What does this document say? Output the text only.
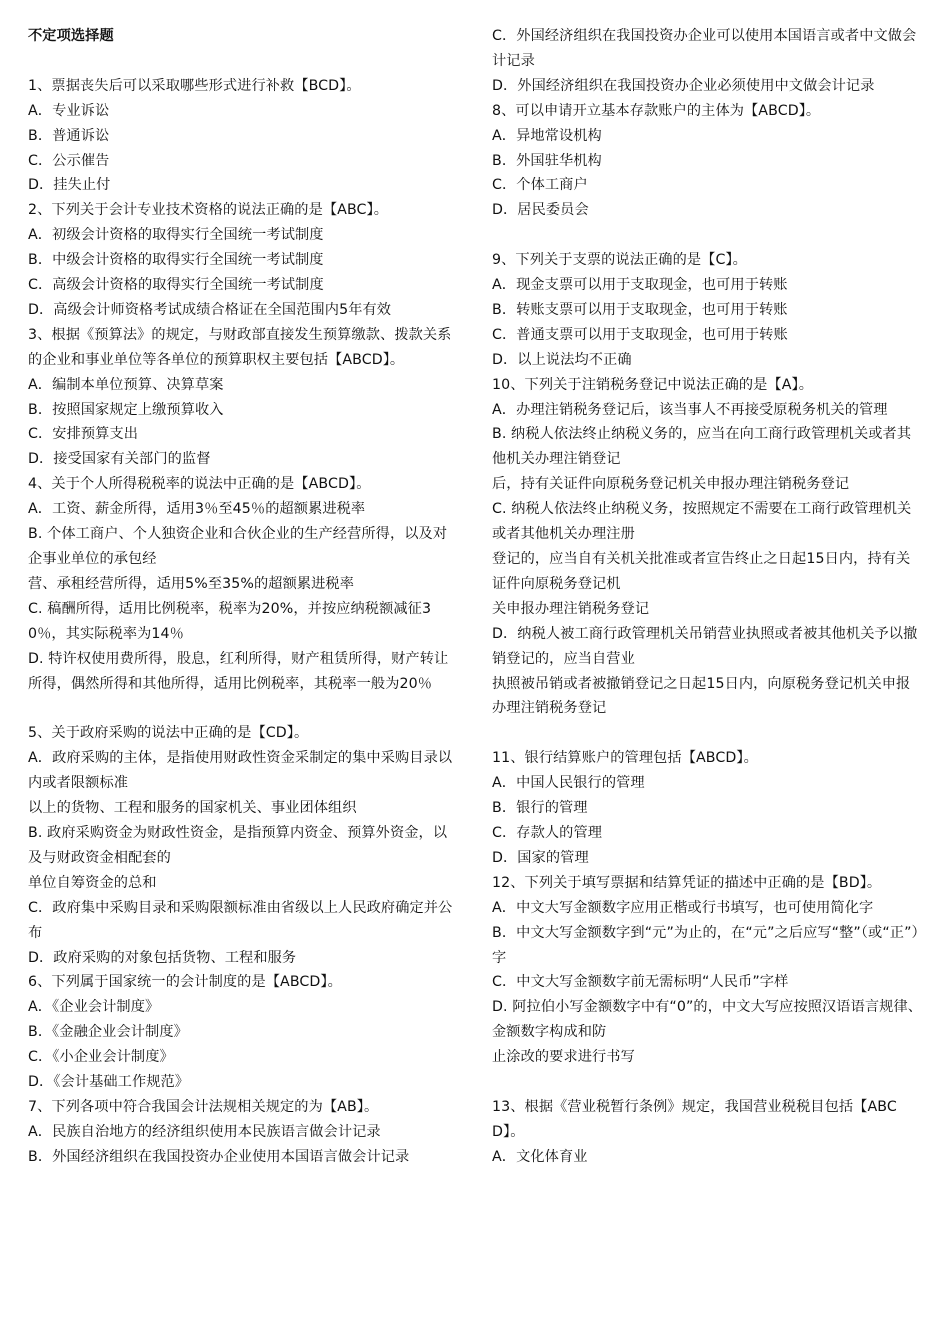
不定项选择题
1、票据丧失后可以采取哪些形式进行补救【BCD】。
A．专业诉讼
B．普通诉讼
C．公示催告
D．挂失止付
2、下列关于会计专业技术资格的说法正确的是【ABC】。
A．初级会计资格的取得实行全国统一考试制度
B．中级会计资格的取得实行全国统一考试制度
C．高级会计资格的取得实行全国统一考试制度
D．高级会计师资格考试成绩合格证在全国范围内5年有效
3、根据《预算法》的规定，与财政部直接发生预算缴款、拨款关系的企业和事业单位等各单位的预算职权主要包括【ABCD】。
A．编制本单位预算、决算草案
B．按照国家规定上缴预算收入
C．安排预算支出
D．接受国家有关部门的监督
4、关于个人所得税税率的说法中正确的是【ABCD】。
A．工资、薪金所得，适用3％至45％的超额累进税率
B. 个体工商户、个人独资企业和合伙企业的生产经营所得，以及对企事业单位的承包经
营、承租经营所得，适用5%至35%的超额累进税率
C. 稿酬所得，适用比例税率，税率为20%，并按应纳税额减征30％，其实际税率为14％
D. 特许权使用费所得，股息，红利所得，财产租赁所得，财产转让所得，偶然所得和其他所得，适用比例税率，其税率一般为20％
5、关于政府采购的说法中正确的是【CD】。
A．政府采购的主体，是指使用财政性资金采制定的集中采购目录以内或者限额标准
以上的货物、工程和服务的国家机关、事业团体组织
B. 政府采购资金为财政性资金，是指预算内资金、预算外资金，以及与财政资金相配套的
单位自筹资金的总和
C．政府集中采购目录和采购限额标准由省级以上人民政府确定并公布
D．政府采购的对象包括货物、工程和服务
6、下列属于国家统一的会计制度的是【ABCD】。
A．《企业会计制度》
B．《金融企业会计制度》
C．《小企业会计制度》
D．《会计基础工作规范》
7、下列各项中符合我国会计法规相关规定的为【AB】。
A．民族自治地方的经济组织使用本民族语言做会计记录
B．外国经济组织在我国投资办企业使用本国语言做会计记录
C．外国经济组织在我国投资办企业可以使用本国语言或者中文做会计记录
D．外国经济组织在我国投资办企业必须使用中文做会计记录
8、可以申请开立基本存款账户的主体为【ABCD】。
A．异地常设机构
B．外国驻华机构
C．个体工商户
D．居民委员会
9、下列关于支票的说法正确的是【C】。
A．现金支票可以用于支取现金，也可用于转账
B．转账支票可以用于支取现金，也可用于转账
C．普通支票可以用于支取现金，也可用于转账
D．以上说法均不正确
10、下列关于注销税务登记中说法正确的是【A】。
A．办理注销税务登记后，该当事人不再接受原税务机关的管理
B. 纳税人依法终止纳税义务的，应当在向工商行政管理机关或者其他机关办理注销登记
后，持有关证件向原税务登记机关申报办理注销税务登记
C. 纳税人依法终止纳税义务，按照规定不需要在工商行政管理机关或者其他机关办理注册
登记的，应当自有关机关批准或者宣告终止之日起15日内，持有关证件向原税务登记机
关申报办理注销税务登记
D．纳税人被工商行政管理机关吊销营业执照或者被其他机关予以撤销登记的，应当自营业
执照被吊销或者被撤销登记之日起15日内，向原税务登记机关申报办理注销税务登记
11、银行结算账户的管理包括【ABCD】。
A．中国人民银行的管理
B．银行的管理
C．存款人的管理
D．国家的管理
12、下列关于填写票据和结算凭证的描述中正确的是【BD】。
A．中文大写金额数字应用正楷或行书填写，也可使用简化字
B．中文大写金额数字到“元”为止的，在“元”之后应写“整”（或“正”）字
C．中文大写金额数字前无需标明“人民币”字样
D. 阿拉伯小写金额数字中有“0”的，中文大写应按照汉语语言规律、金额数字构成和防
止涂改的要求进行书写
13、根据《营业税暂行条例》规定，我国营业税税目包括【ABCD】。
A．文化体育业
